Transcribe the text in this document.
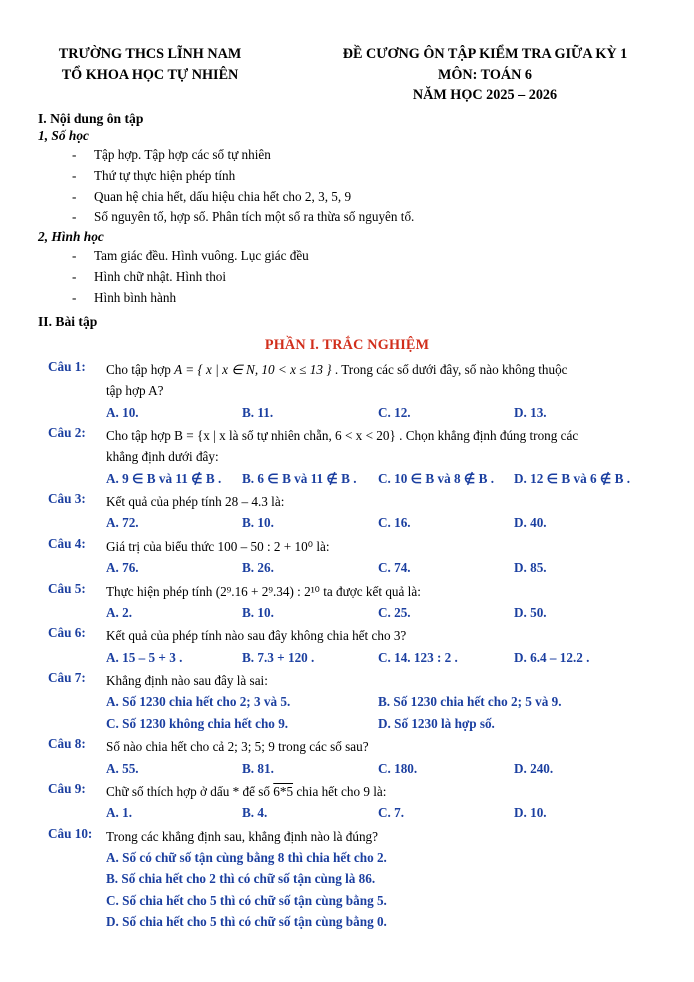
TRƯỜNG THCS LĨNH NAM
TỔ KHOA HỌC TỰ NHIÊN
ĐỀ CƯƠNG ÔN TẬP KIỂM TRA GIỮA KỲ 1
MÔN: TOÁN 6
NĂM HỌC 2025 – 2026
I. Nội dung ôn tập
1, Số học
- Tập hợp. Tập hợp các số tự nhiên
- Thứ tự thực hiện phép tính
- Quan hệ chia hết, dấu hiệu chia hết cho 2, 3, 5, 9
- Số nguyên tố, hợp số. Phân tích một số ra thừa số nguyên tố.
2, Hình học
- Tam giác đều. Hình vuông. Lục giác đều
- Hình chữ nhật. Hình thoi
- Hình bình hành
II. Bài tập
PHẦN I. TRẮC NGHIỆM
Câu 1:	Cho tập hợp A = { x | x ∈ N, 10 < x ≤ 13 } . Trong các số dưới đây, số nào không thuộc
tập hợp A?
A. 10.	B. 11.	C. 12.	D. 13.
Câu 2:	Cho tập hợp B = {x | x là số tự nhiên chẵn, 6 < x < 20} . Chọn khẳng định đúng trong các
khẳng định dưới đây:
A. 9 ∈ B và 11 ∉ B .	B. 6 ∈ B và 11 ∉ B .	C. 10 ∈ B và 8 ∉ B .	D. 12 ∈ B và 6 ∉ B .
Câu 3:	Kết quả của phép tính 28 – 4.3 là:
A. 72.	B. 10.	C. 16.	D. 40.
Câu 4:	Giá trị của biểu thức 100 – 50 : 2 + 10⁰ là:
A. 76.	B. 26.	C. 74.	D. 85.
Câu 5:	Thực hiện phép tính (2⁹.16 + 2⁹.34) : 2¹⁰ ta được kết quả là:
A. 2.	B. 10.	C. 25.	D. 50.
Câu 6:	Kết quả của phép tính nào sau đây không chia hết cho 3?
A. 15 – 5 + 3 .	B. 7.3 + 120 .	C. 14. 123 : 2 .	D. 6.4 – 12.2 .
Câu 7:	Khẳng định nào sau đây là sai:
A. Số 1230 chia hết cho 2; 3 và 5.	B. Số 1230 chia hết cho 2; 5 và 9.
C. Số 1230 không chia hết cho 9.	D. Số 1230 là hợp số.
Câu 8:	Số nào chia hết cho cả 2; 3; 5; 9 trong các số sau?
A. 55.	B. 81.	C. 180.	D. 240.
Câu 9:	Chữ số thích hợp ở dấu * để số 6*5 chia hết cho 9 là:
A. 1.	B. 4.	C. 7.	D. 10.
Câu 10:	Trong các khẳng định sau, khẳng định nào là đúng?
A. Số có chữ số tận cùng bằng 8 thì chia hết cho 2.
B. Số chia hết cho 2 thì có chữ số tận cùng là 86.
C. Số chia hết cho 5 thì có chữ số tận cùng bằng 5.
D. Số chia hết cho 5 thì có chữ số tận cùng bằng 0.
